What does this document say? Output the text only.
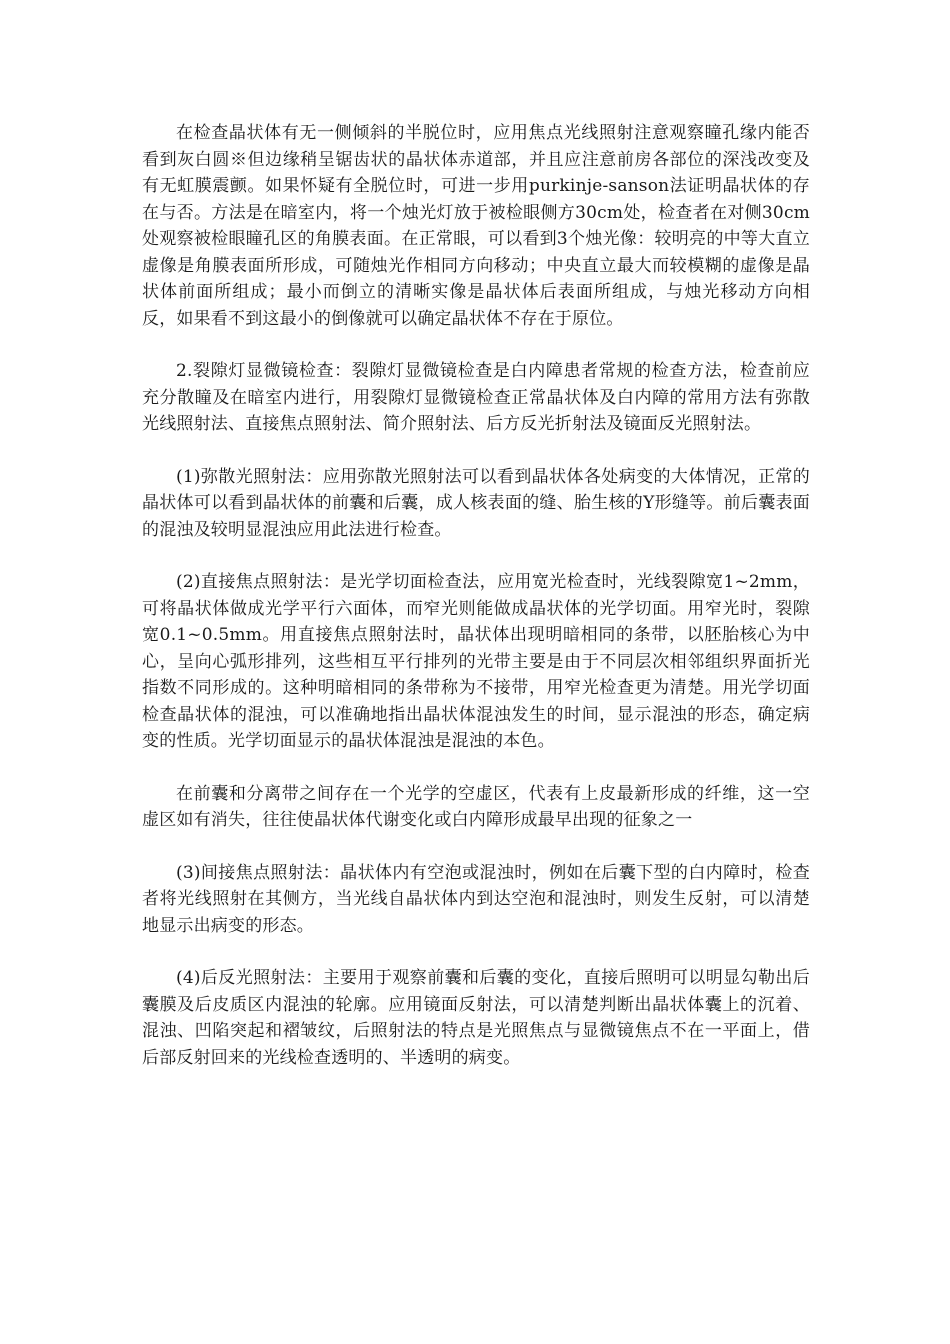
在检查晶状体有无一侧倾斜的半脱位时，应用焦点光线照射注意观察瞳孔缘内能否看到灰白圆※但边缘稍呈锯齿状的晶状体赤道部，并且应注意前房各部位的深浅改变及有无虹膜震颤。如果怀疑有全脱位时，可进一步用purkinje-sanson法证明晶状体的存在与否。方法是在暗室内，将一个烛光灯放于被检眼侧方30cm处，检查者在对侧30cm处观察被检眼瞳孔区的角膜表面。在正常眼，可以看到3个烛光像：较明亮的中等大直立虚像是角膜表面所形成，可随烛光作相同方向移动；中央直立最大而较模糊的虚像是晶状体前面所组成；最小而倒立的清晰实像是晶状体后表面所组成，与烛光移动方向相反，如果看不到这最小的倒像就可以确定晶状体不存在于原位。

2.裂隙灯显微镜检查：裂隙灯显微镜检查是白内障患者常规的检查方法，检查前应充分散瞳及在暗室内进行，用裂隙灯显微镜检查正常晶状体及白内障的常用方法有弥散光线照射法、直接焦点照射法、简介照射法、后方反光折射法及镜面反光照射法。

(1)弥散光照射法：应用弥散光照射法可以看到晶状体各处病变的大体情况，正常的晶状体可以看到晶状体的前囊和后囊，成人核表面的缝、胎生核的Y形缝等。前后囊表面的混浊及较明显混浊应用此法进行检查。

(2)直接焦点照射法：是光学切面检查法，应用宽光检查时，光线裂隙宽1~2mm，可将晶状体做成光学平行六面体，而窄光则能做成晶状体的光学切面。用窄光时，裂隙宽0.1~0.5mm。用直接焦点照射法时，晶状体出现明暗相同的条带，以胚胎核心为中心，呈向心弧形排列，这些相互平行排列的光带主要是由于不同层次相邻组织界面折光指数不同形成的。这种明暗相同的条带称为不接带，用窄光检查更为清楚。用光学切面检查晶状体的混浊，可以准确地指出晶状体混浊发生的时间，显示混浊的形态，确定病变的性质。光学切面显示的晶状体混浊是混浊的本色。

在前囊和分离带之间存在一个光学的空虚区，代表有上皮最新形成的纤维，这一空虚区如有消失，往往使晶状体代谢变化或白内障形成最早出现的征象之一

(3)间接焦点照射法：晶状体内有空泡或混浊时，例如在后囊下型的白内障时，检查者将光线照射在其侧方，当光线自晶状体内到达空泡和混浊时，则发生反射，可以清楚地显示出病变的形态。

(4)后反光照射法：主要用于观察前囊和后囊的变化，直接后照明可以明显勾勒出后囊膜及后皮质区内混浊的轮廓。应用镜面反射法，可以清楚判断出晶状体囊上的沉着、混浊、凹陷突起和褶皱纹，后照射法的特点是光照焦点与显微镜焦点不在一平面上，借后部反射回来的光线检查透明的、半透明的病变。
